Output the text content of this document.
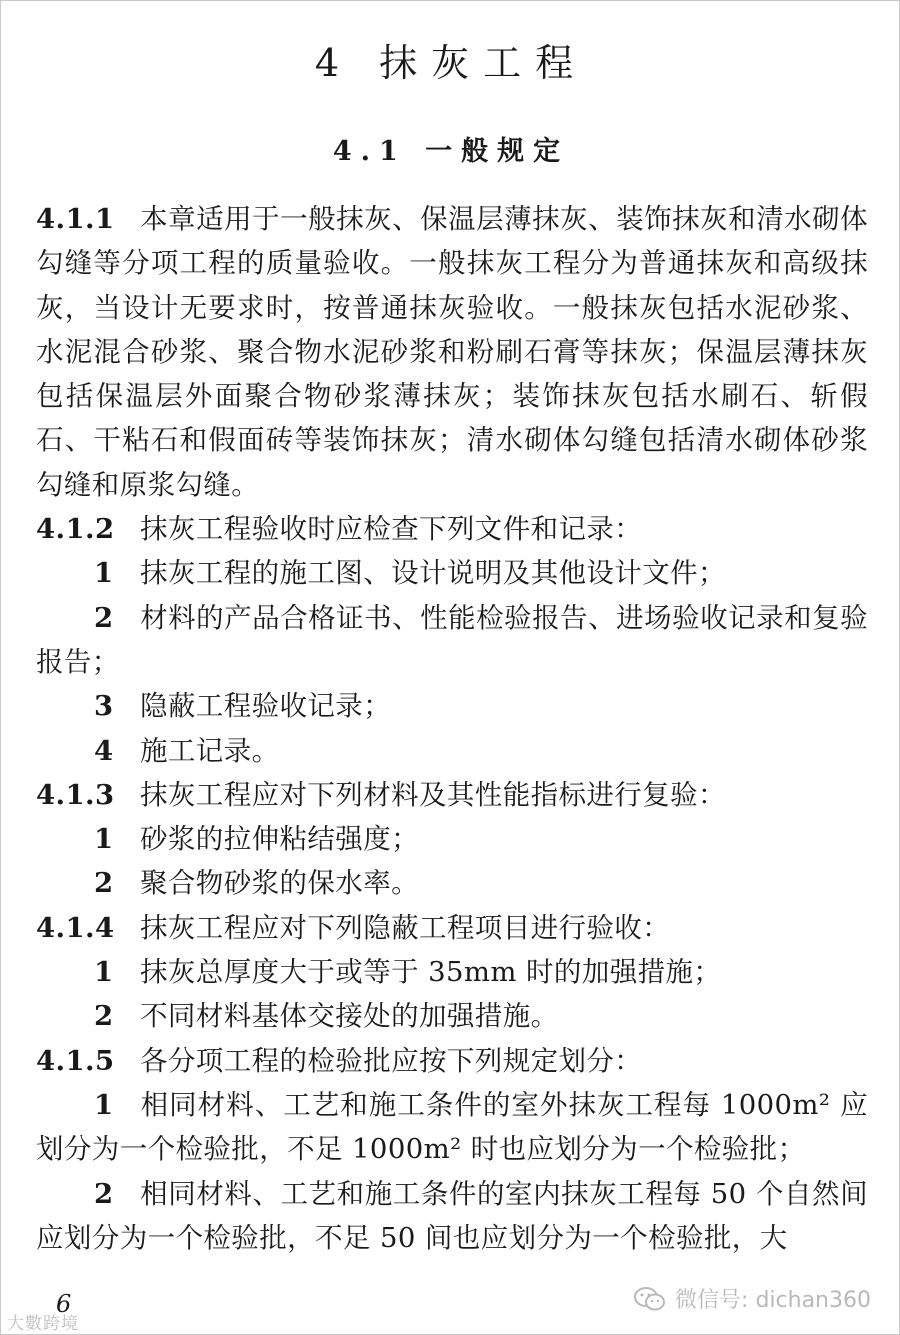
4 抹灰工程
4.1 一般规定

4.1.1 本章适用于一般抹灰、保温层薄抹灰、装饰抹灰和清水砌体勾缝等分项工程的质量验收。一般抹灰工程分为普通抹灰和高级抹灰，当设计无要求时，按普通抹灰验收。一般抹灰包括水泥砂浆、水泥混合砂浆、聚合物水泥砂浆和粉刷石膏等抹灰；保温层薄抹灰包括保温层外面聚合物砂浆薄抹灰；装饰抹灰包括水刷石、斩假石、干粘石和假面砖等装饰抹灰；清水砌体勾缝包括清水砌体砂浆勾缝和原浆勾缝。

4.1.2 抹灰工程验收时应检查下列文件和记录：

1 抹灰工程的施工图、设计说明及其他设计文件；

2 材料的产品合格证书、性能检验报告、进场验收记录和复验报告；

3 隐蔽工程验收记录；

4 施工记录。

4.1.3 抹灰工程应对下列材料及其性能指标进行复验：

1 砂浆的拉伸粘结强度；

2 聚合物砂浆的保水率。

4.1.4 抹灰工程应对下列隐蔽工程项目进行验收：

1 抹灰总厚度大于或等于 35mm 时的加强措施；

2 不同材料基体交接处的加强措施。

4.1.5 各分项工程的检验批应按下列规定划分：

1 相同材料、工艺和施工条件的室外抹灰工程每 1000m² 应划分为一个检验批，不足 1000m² 时也应划分为一个检验批；

2 相同材料、工艺和施工条件的室内抹灰工程每 50 个自然间应划分为一个检验批，不足 50 间也应划分为一个检验批，大

6
大數跨境
微信号: dichan360
